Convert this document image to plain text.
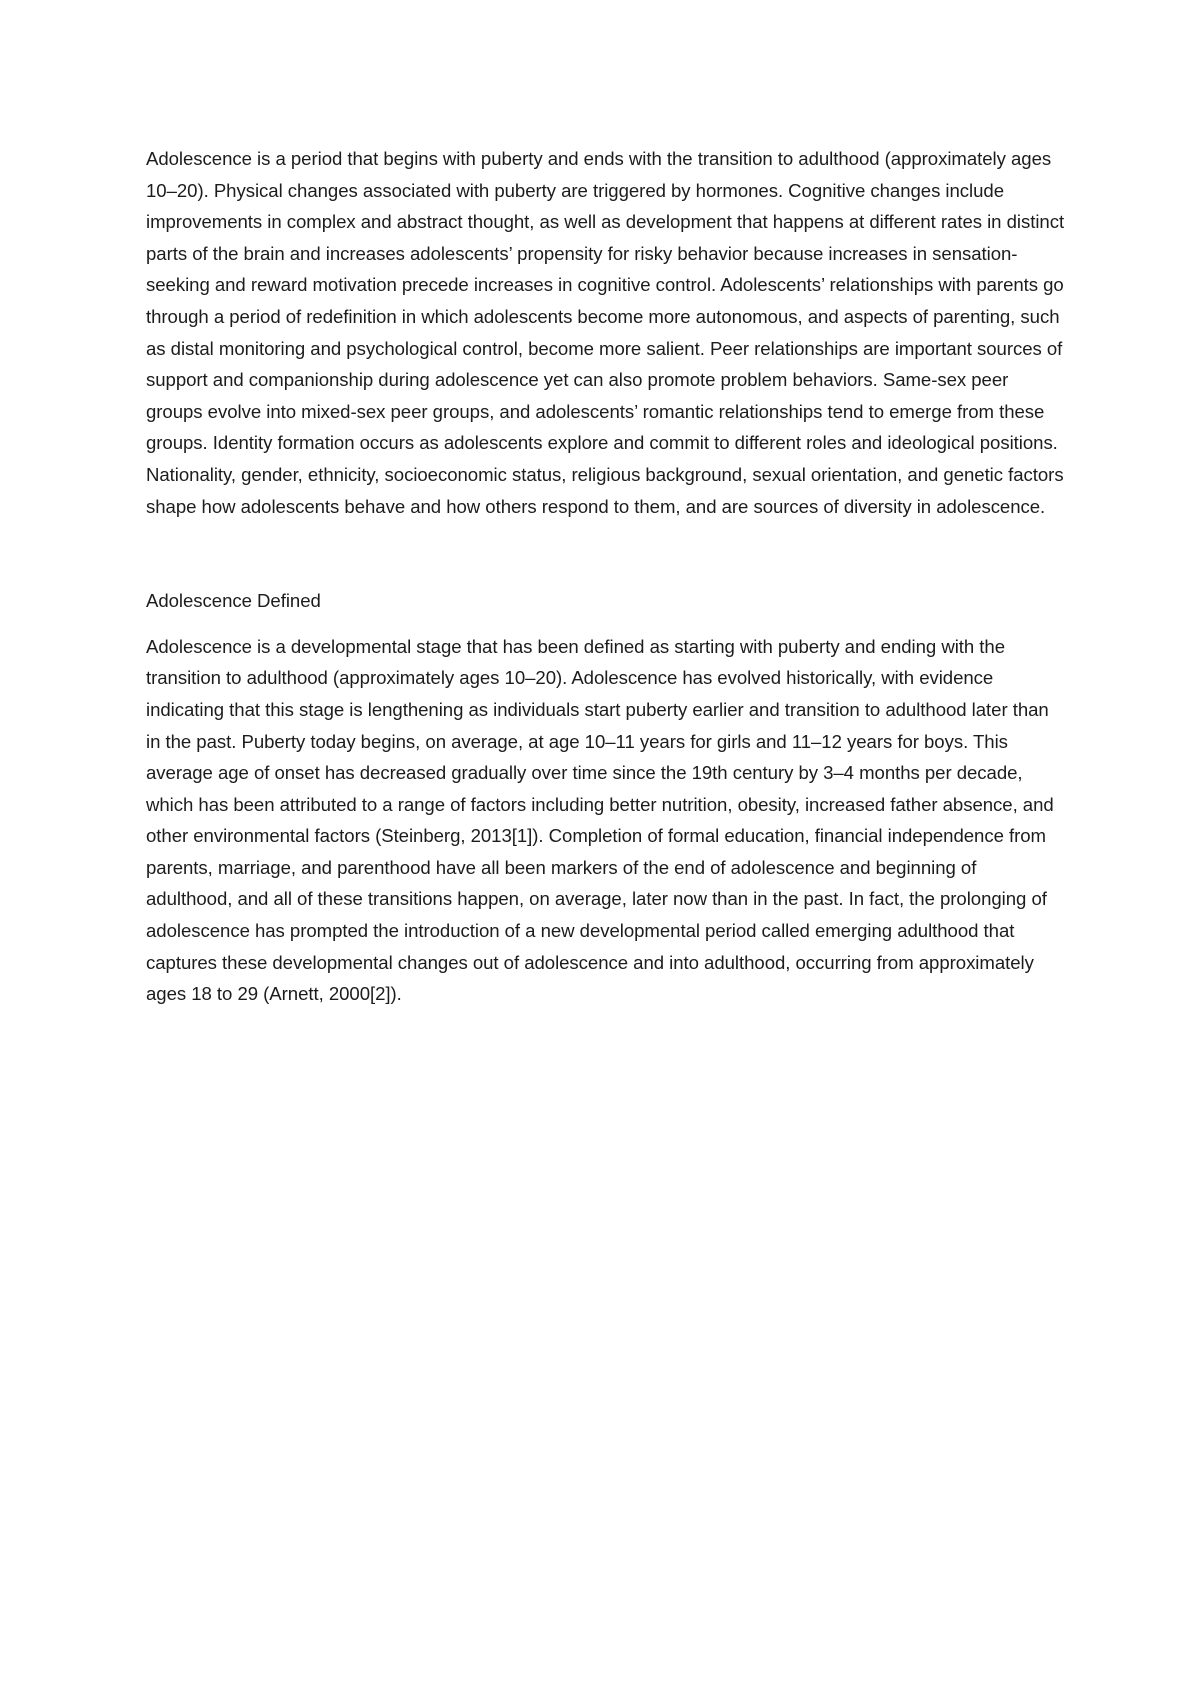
Adolescence is a period that begins with puberty and ends with the transition to adulthood (approximately ages 10–20). Physical changes associated with puberty are triggered by hormones. Cognitive changes include improvements in complex and abstract thought, as well as development that happens at different rates in distinct parts of the brain and increases adolescents’ propensity for risky behavior because increases in sensation-seeking and reward motivation precede increases in cognitive control. Adolescents’ relationships with parents go through a period of redefinition in which adolescents become more autonomous, and aspects of parenting, such as distal monitoring and psychological control, become more salient. Peer relationships are important sources of support and companionship during adolescence yet can also promote problem behaviors. Same-sex peer groups evolve into mixed-sex peer groups, and adolescents’ romantic relationships tend to emerge from these groups. Identity formation occurs as adolescents explore and commit to different roles and ideological positions. Nationality, gender, ethnicity, socioeconomic status, religious background, sexual orientation, and genetic factors shape how adolescents behave and how others respond to them, and are sources of diversity in adolescence.

Adolescence Defined

Adolescence is a developmental stage that has been defined as starting with puberty and ending with the transition to adulthood (approximately ages 10–20). Adolescence has evolved historically, with evidence indicating that this stage is lengthening as individuals start puberty earlier and transition to adulthood later than in the past. Puberty today begins, on average, at age 10–11 years for girls and 11–12 years for boys. This average age of onset has decreased gradually over time since the 19th century by 3–4 months per decade, which has been attributed to a range of factors including better nutrition, obesity, increased father absence, and other environmental factors (Steinberg, 2013[1]). Completion of formal education, financial independence from parents, marriage, and parenthood have all been markers of the end of adolescence and beginning of adulthood, and all of these transitions happen, on average, later now than in the past. In fact, the prolonging of adolescence has prompted the introduction of a new developmental period called emerging adulthood that captures these developmental changes out of adolescence and into adulthood, occurring from approximately ages 18 to 29 (Arnett, 2000[2]).
